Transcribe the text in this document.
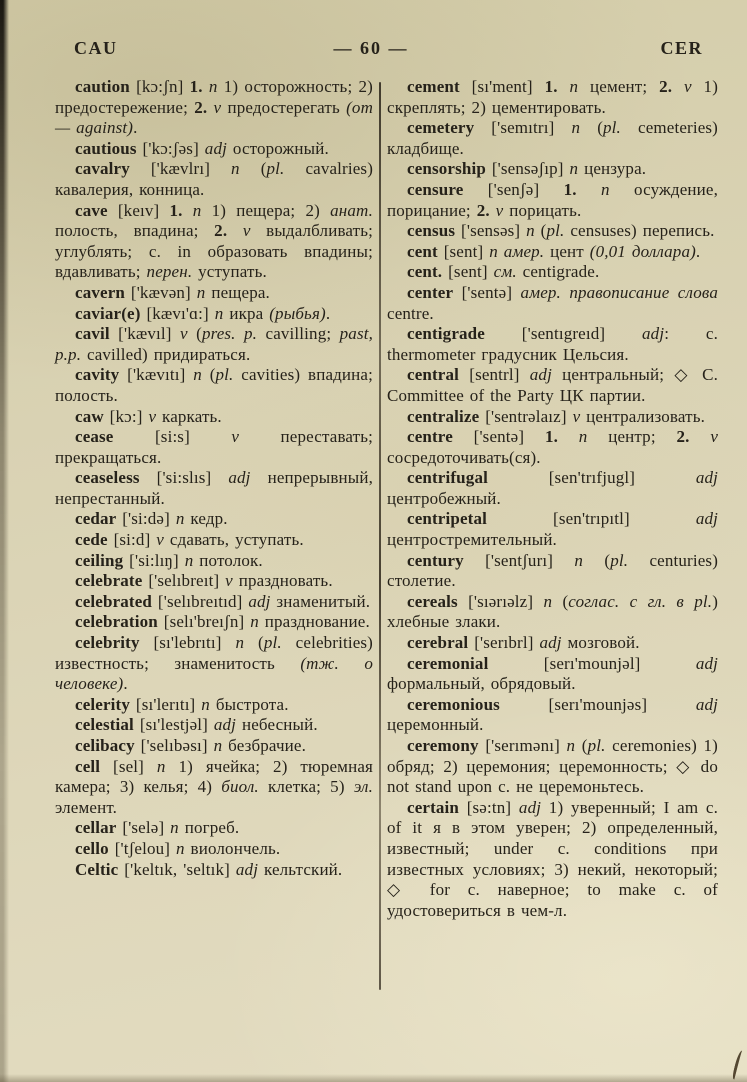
CAU	— 60 —	CER

caution [kɔ:ʃn] 1. n 1) осторожность; 2) предостережение; 2. v предостерегать (от — against).

cautious ['kɔ:ʃəs] adj осторожный.

cavalry ['kævlrı] n (pl. cavalries) кавалерия, конница.

cave [keıv] 1. n 1) пещера; 2) анат. полость, впадина; 2. v выдалбливать; углублять; c. in образовать впадины; вдавливать; перен. уступать.

cavern ['kævən] n пещера.

caviar(e) [kævı'ɑ:] n икра (рыбья).

cavil ['kævıl] v (pres. p. cavilling; past, p.p. cavilled) придираться.

cavity ['kævıtı] n (pl. cavities) впадина; полость.

caw [kɔ:] v каркать.

cease [si:s] v переставать; прекращаться.

ceaseless ['si:slıs] adj непрерывный, непрестанный.

cedar ['si:də] n кедр.

cede [si:d] v сдавать, уступать.

ceiling ['si:lıŋ] n потолок.

celebrate ['selıbreıt] v праздновать.

celebrated ['selıbreıtıd] adj знаменитый.

celebration [selı'breıʃn] n празднование.

celebrity [sı'lebrıtı] n (pl. celebrities) известность; знаменитость (тж. о человеке).

celerity [sı'lerıtı] n быстрота.

celestial [sı'lestjəl] adj небесный.

celibacy ['selıbəsı] n безбрачие.

cell [sel] n 1) ячейка; 2) тюремная камера; 3) келья; 4) биол. клетка; 5) эл. элемент.

cellar ['selə] n погреб.

cello ['tʃelou] n виолончель.

Celtic ['keltık, 'seltık] adj кельтский.

cement [sı'ment] 1. n цемент; 2. v 1) скреплять; 2) цементировать.

cemetery ['semıtrı] n (pl. cemeteries) кладбище.

censorship ['sensəʃıp] n цензура.

censure ['senʃə] 1. n осуждение, порицание; 2. v порицать.

census ['sensəs] n (pl. censuses) перепись.

cent [sent] n амер. цент (0,01 доллара).

cent. [sent] см. centigrade.

center ['sentə] амер. правописание слова centre.

centigrade ['sentıgreıd] adj: c. thermometer градусник Цельсия.

central [sentrl] adj центральный; ◇ C. Committee of the Party ЦК партии.

centralize ['sentrəlaız] v централизовать.

centre ['sentə] 1. n центр; 2. v сосредоточивать(ся).

centrifugal [sen'trıfjugl] adj центробежный.

centripetal [sen'trıpıtl] adj центростремительный.

century ['sentʃurı] n (pl. centuries) столетие.

cereals ['sıərıəlz] n (соглас. с гл. в pl.) хлебные злаки.

cerebral ['serıbrl] adj мозговой.

ceremonial [serı'mounjəl] adj формальный, обрядовый.

ceremonious [serı'mounjəs] adj церемонный.

ceremony ['serımənı] n (pl. ceremonies) 1) обряд; 2) церемония; церемонность; ◇ do not stand upon c. не церемоньтесь.

certain [sə:tn] adj 1) уверенный; I am c. of it я в этом уверен; 2) определенный, известный; under c. conditions при известных условиях; 3) некий, некоторый; ◇ for c. наверное; to make c. of удостовериться в чем-л.
